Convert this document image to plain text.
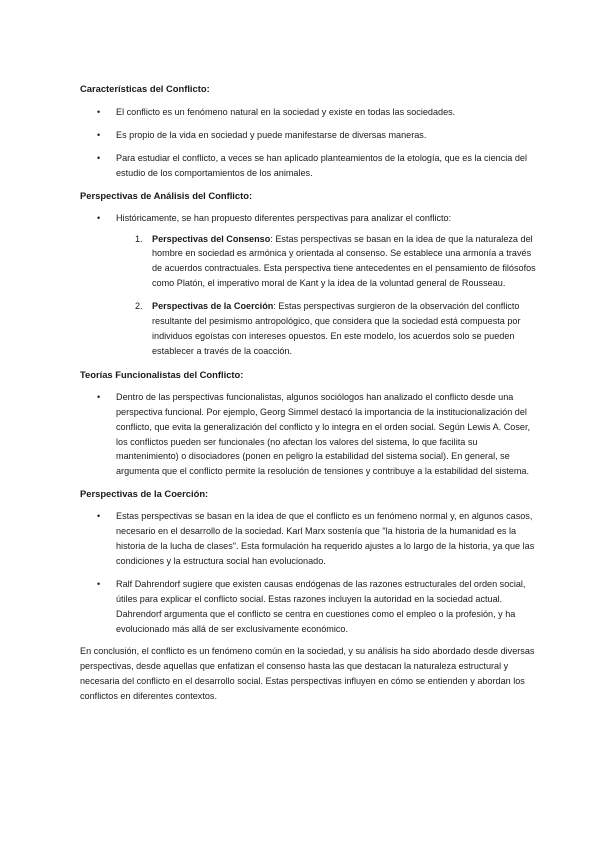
Características del Conflicto:

• El conflicto es un fenómeno natural en la sociedad y existe en todas las sociedades.
• Es propio de la vida en sociedad y puede manifestarse de diversas maneras.
• Para estudiar el conflicto, a veces se han aplicado planteamientos de la etología, que es la ciencia del estudio de los comportamientos de los animales.

Perspectivas de Análisis del Conflicto:

• Históricamente, se han propuesto diferentes perspectivas para analizar el conflicto:
1. Perspectivas del Consenso: Estas perspectivas se basan en la idea de que la naturaleza del hombre en sociedad es armónica y orientada al consenso. Se establece una armonía a través de acuerdos contractuales. Esta perspectiva tiene antecedentes en el pensamiento de filósofos como Platón, el imperativo moral de Kant y la idea de la voluntad general de Rousseau.
2. Perspectivas de la Coerción: Estas perspectivas surgieron de la observación del conflicto resultante del pesimismo antropológico, que considera que la sociedad está compuesta por individuos egoístas con intereses opuestos. En este modelo, los acuerdos solo se pueden establecer a través de la coacción.

Teorías Funcionalistas del Conflicto:

• Dentro de las perspectivas funcionalistas, algunos sociólogos han analizado el conflicto desde una perspectiva funcional. Por ejemplo, Georg Simmel destacó la importancia de la institucionalización del conflicto, que evita la generalización del conflicto y lo integra en el orden social. Según Lewis A. Coser, los conflictos pueden ser funcionales (no afectan los valores del sistema, lo que facilita su mantenimiento) o disociadores (ponen en peligro la estabilidad del sistema social). En general, se argumenta que el conflicto permite la resolución de tensiones y contribuye a la estabilidad del sistema.

Perspectivas de la Coerción:

• Estas perspectivas se basan en la idea de que el conflicto es un fenómeno normal y, en algunos casos, necesario en el desarrollo de la sociedad. Karl Marx sostenía que "la historia de la humanidad es la historia de la lucha de clases". Esta formulación ha requerido ajustes a lo largo de la historia, ya que las condiciones y la estructura social han evolucionado.
• Ralf Dahrendorf sugiere que existen causas endógenas de las razones estructurales del orden social, útiles para explicar el conflicto social. Estas razones incluyen la autoridad en la sociedad actual. Dahrendorf argumenta que el conflicto se centra en cuestiones como el empleo o la profesión, y ha evolucionado más allá de ser exclusivamente económico.

En conclusión, el conflicto es un fenómeno común en la sociedad, y su análisis ha sido abordado desde diversas perspectivas, desde aquellas que enfatizan el consenso hasta las que destacan la naturaleza estructural y necesaria del conflicto en el desarrollo social. Estas perspectivas influyen en cómo se entienden y abordan los conflictos en diferentes contextos.
